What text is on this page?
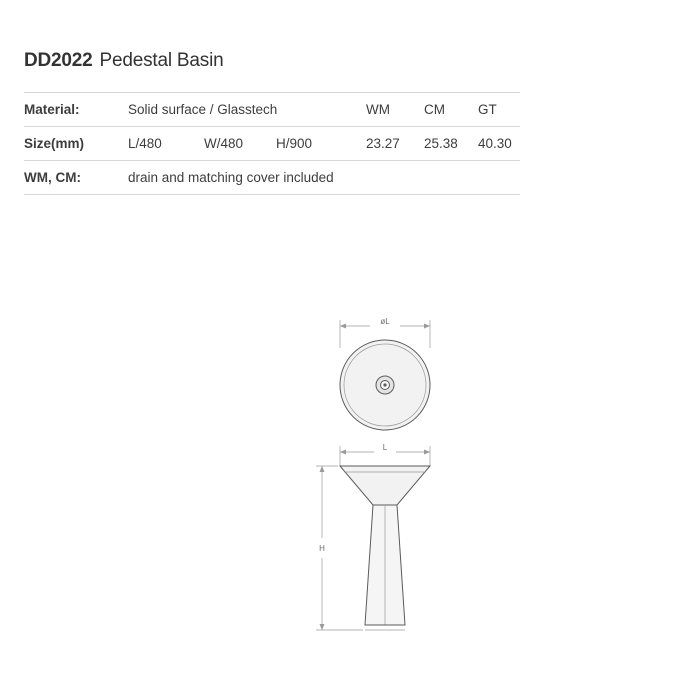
DD2022 Pedestal Basin
Material:	Solid surface / Glasstech			WM	CM	GT
Size(mm)	L/480	W/480	H/900	23.27	25.38	40.30
WM, CM:	drain and matching cover included					
øL
L
H
